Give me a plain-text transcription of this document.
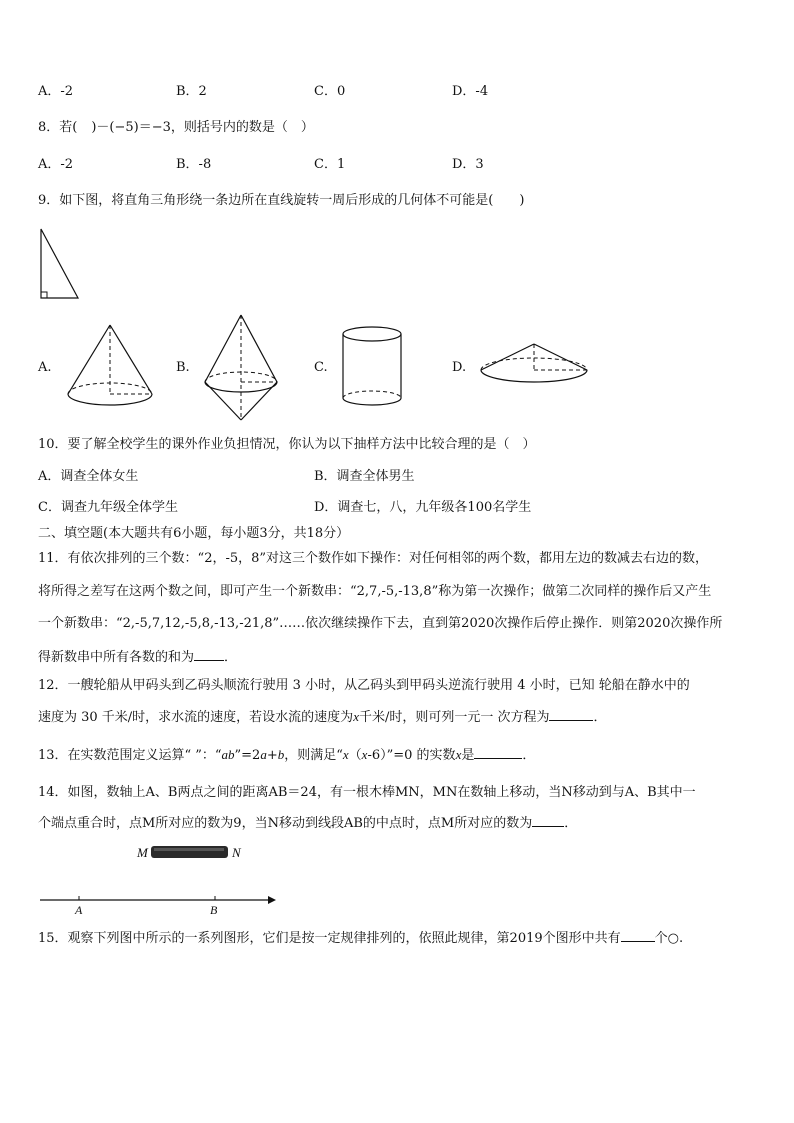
A．-2	B．2	C．0	D．-4
8．若( )－(−5)＝−3，则括号内的数是（　）
A．-2	B．-8	C．1	D．3
9．如下图，将直角三角形绕一条边所在直线旋转一周后形成的几何体不可能是(　　)
A.	B.	C.	D.
10．要了解全校学生的课外作业负担情况，你认为以下抽样方法中比较合理的是（　）
A．调查全体女生	B．调查全体男生
C．调查九年级全体学生	D．调查七，八，九年级各100名学生
二、填空题(本大题共有6小题，每小题3分，共18分）
11．有依次排列的三个数：“2，-5，8”对这三个数作如下操作：对任何相邻的两个数，都用左边的数减去右边的数，
将所得之差写在这两个数之间，即可产生一个新数串：“2,7,-5,-13,8”称为第一次操作；做第二次同样的操作后又产生
一个新数串：“2,-5,7,12,-5,8,-13,-21,8”……依次继续操作下去，直到第2020次操作后停止操作．则第2020次操作所
得新数串中所有各数的和为 ．
12．一艘轮船从甲码头到乙码头顺流行驶用 3 小时，从乙码头到甲码头逆流行驶用 4 小时，已知 轮船在静水中的
速度为 30 千米/时，求水流的速度，若设水流的速度为x千米/时，则可列一元一 次方程为	．
13．在实数范围定义运算“ ”：“ab”=2a+b，则满足“x（x-6）”=0 的实数x是	．
14．如图，数轴上A、B两点之间的距离AB＝24，有一根木棒MN，MN在数轴上移动，当N移动到与A、B其中一
个端点重合时，点M所对应的数为9，当N移动到线段AB的中点时，点M所对应的数为 ．
M	N
A	B
15．观察下列图中所示的一系列图形，它们是按一定规律排列的，依照此规律，第2019个图形中共有	个○.
